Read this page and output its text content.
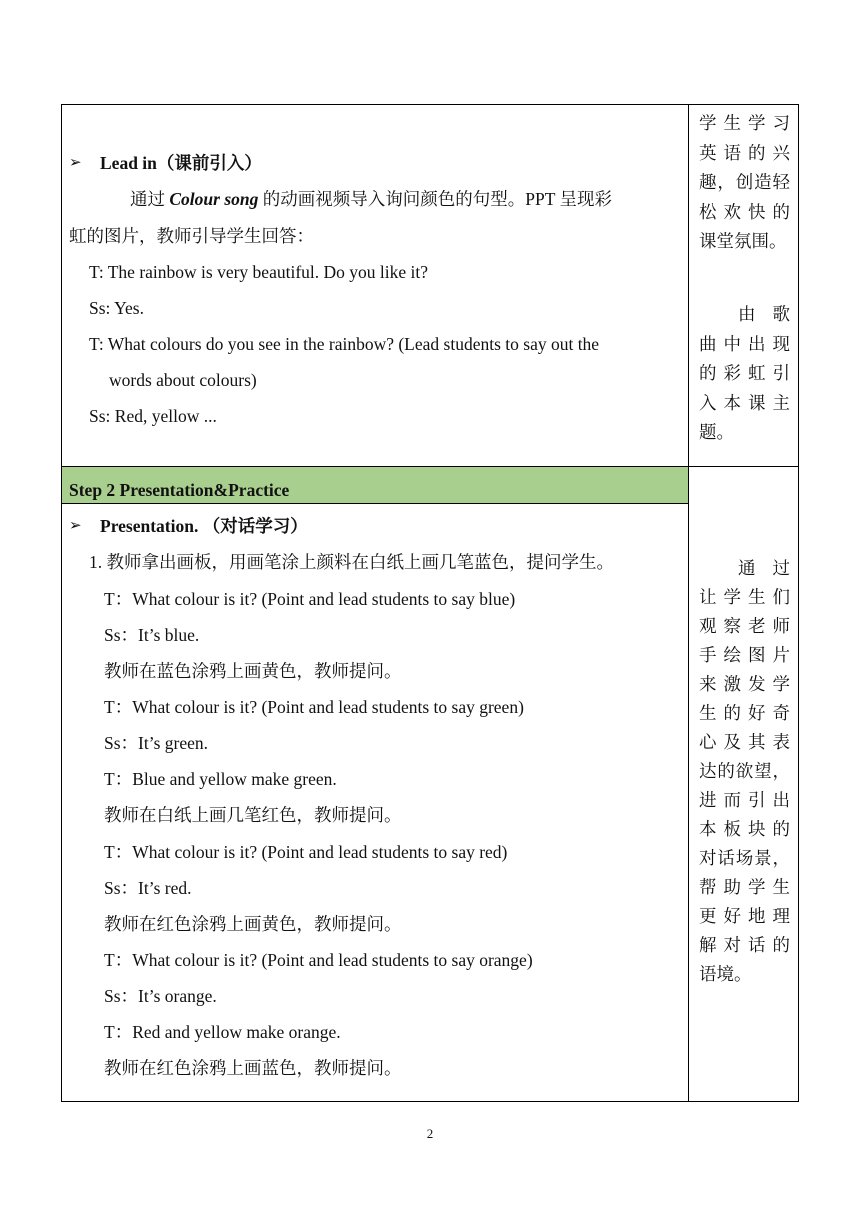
➢ Lead in（课前引入）
通过 Colour song 的动画视频导入询问颜色的句型。PPT 呈现彩
虹的图片，教师引导学生回答：
T: The rainbow is very beautiful. Do you like it?
Ss: Yes.
T: What colours do you see in the rainbow? (Lead students to say out the
words about colours)
Ss: Red, yellow ...
学生学习
英语的兴
趣，创造轻
松欢快的
课堂氛围。
由歌
曲中出现
的彩虹引
入本课主
题。
Step 2 Presentation&Practice
➢ Presentation. （对话学习）
1. 教师拿出画板，用画笔涂上颜料在白纸上画几笔蓝色，提问学生。
T：What colour is it? (Point and lead students to say blue)
Ss：It’s blue.
教师在蓝色涂鸦上画黄色，教师提问。
T：What colour is it? (Point and lead students to say green)
Ss：It’s green.
T：Blue and yellow make green.
教师在白纸上画几笔红色，教师提问。
T：What colour is it? (Point and lead students to say red)
Ss：It’s red.
教师在红色涂鸦上画黄色，教师提问。
T：What colour is it? (Point and lead students to say orange)
Ss：It’s orange.
T：Red and yellow make orange.
教师在红色涂鸦上画蓝色，教师提问。
通过
让学生们
观察老师
手绘图片
来激发学
生的好奇
心及其表
达的欲望，
进而引出
本板块的
对话场景，
帮助学生
更好地理
解对话的
语境。
2
